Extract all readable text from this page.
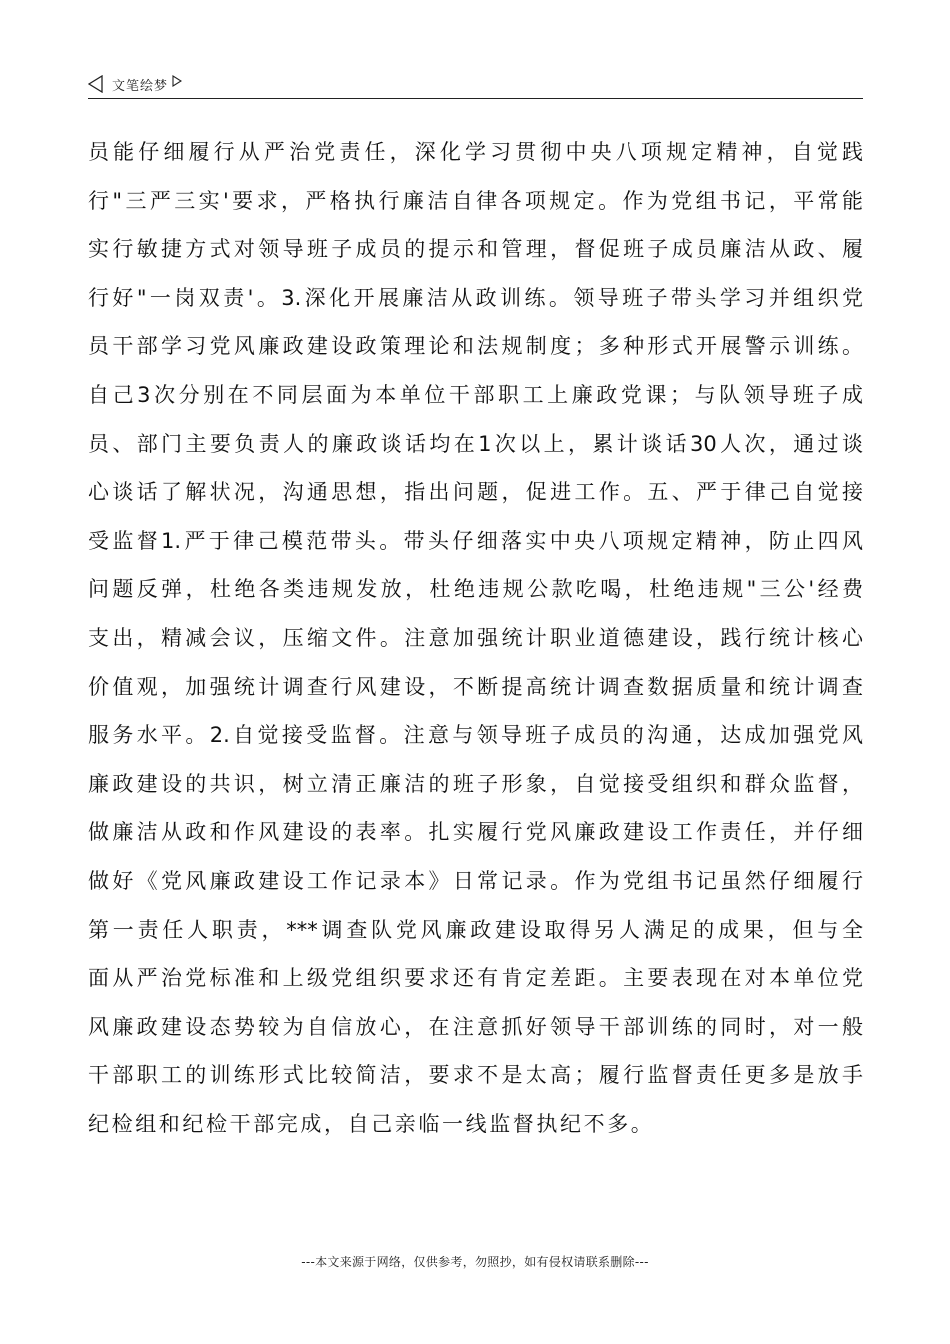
文笔绘梦
员能仔细履行从严治党责任，深化学习贯彻中央八项规定精神，自觉践
行"三严三实'要求，严格执行廉洁自律各项规定。作为党组书记，平常能
实行敏捷方式对领导班子成员的提示和管理，督促班子成员廉洁从政、履
行好"一岗双责'。3.深化开展廉洁从政训练。领导班子带头学习并组织党
员干部学习党风廉政建设政策理论和法规制度；多种形式开展警示训练。
自己3次分别在不同层面为本单位干部职工上廉政党课；与队领导班子成
员、部门主要负责人的廉政谈话均在1次以上，累计谈话30人次，通过谈
心谈话了解状况，沟通思想，指出问题，促进工作。五、严于律己自觉接
受监督1.严于律己模范带头。带头仔细落实中央八项规定精神，防止四风
问题反弹，杜绝各类违规发放，杜绝违规公款吃喝，杜绝违规"三公'经费
支出，精减会议，压缩文件。注意加强统计职业道德建设，践行统计核心
价值观，加强统计调查行风建设，不断提高统计调查数据质量和统计调查
服务水平。2.自觉接受监督。注意与领导班子成员的沟通，达成加强党风
廉政建设的共识，树立清正廉洁的班子形象，自觉接受组织和群众监督，
做廉洁从政和作风建设的表率。扎实履行党风廉政建设工作责任，并仔细
做好《党风廉政建设工作记录本》日常记录。作为党组书记虽然仔细履行
第一责任人职责，***调查队党风廉政建设取得另人满足的成果，但与全
面从严治党标准和上级党组织要求还有肯定差距。主要表现在对本单位党
风廉政建设态势较为自信放心，在注意抓好领导干部训练的同时，对一般
干部职工的训练形式比较简洁，要求不是太高；履行监督责任更多是放手
纪检组和纪检干部完成，自己亲临一线监督执纪不多。
---本文来源于网络，仅供参考，勿照抄，如有侵权请联系删除---
